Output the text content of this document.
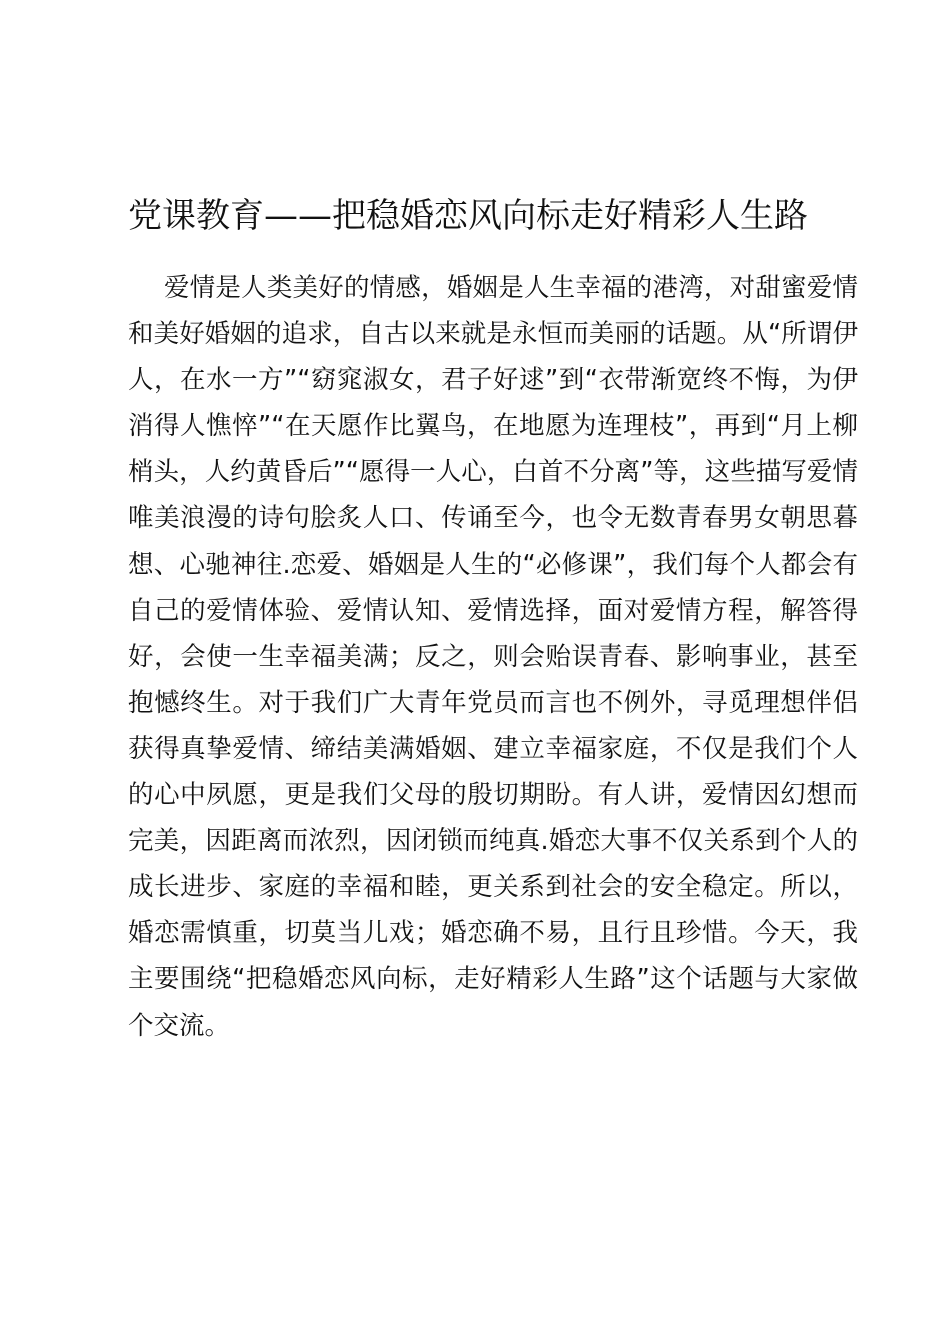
党课教育——把稳婚恋风向标走好精彩人生路
爱情是人类美好的情感，婚姻是人生幸福的港湾，对甜蜜爱情
和美好婚姻的追求，自古以来就是永恒而美丽的话题。从“所谓伊
人，在水一方”“窈窕淑女，君子好逑”到“衣带渐宽终不悔，为伊
消得人憔悴”“在天愿作比翼鸟，在地愿为连理枝”，再到“月上柳
梢头，人约黄昏后”“愿得一人心，白首不分离”等，这些描写爱情
唯美浪漫的诗句脍炙人口、传诵至今，也令无数青春男女朝思暮
想、心驰神往.恋爱、婚姻是人生的“必修课”，我们每个人都会有
自己的爱情体验、爱情认知、爱情选择，面对爱情方程，解答得
好，会使一生幸福美满；反之，则会贻误青春、影响事业，甚至
抱憾终生。对于我们广大青年党员而言也不例外，寻觅理想伴侣
获得真挚爱情、缔结美满婚姻、建立幸福家庭，不仅是我们个人
的心中夙愿，更是我们父母的殷切期盼。有人讲，爱情因幻想而
完美，因距离而浓烈，因闭锁而纯真.婚恋大事不仅关系到个人的
成长进步、家庭的幸福和睦，更关系到社会的安全稳定。所以，
婚恋需慎重，切莫当儿戏；婚恋确不易，且行且珍惜。今天，我
主要围绕“把稳婚恋风向标，走好精彩人生路”这个话题与大家做
个交流。
